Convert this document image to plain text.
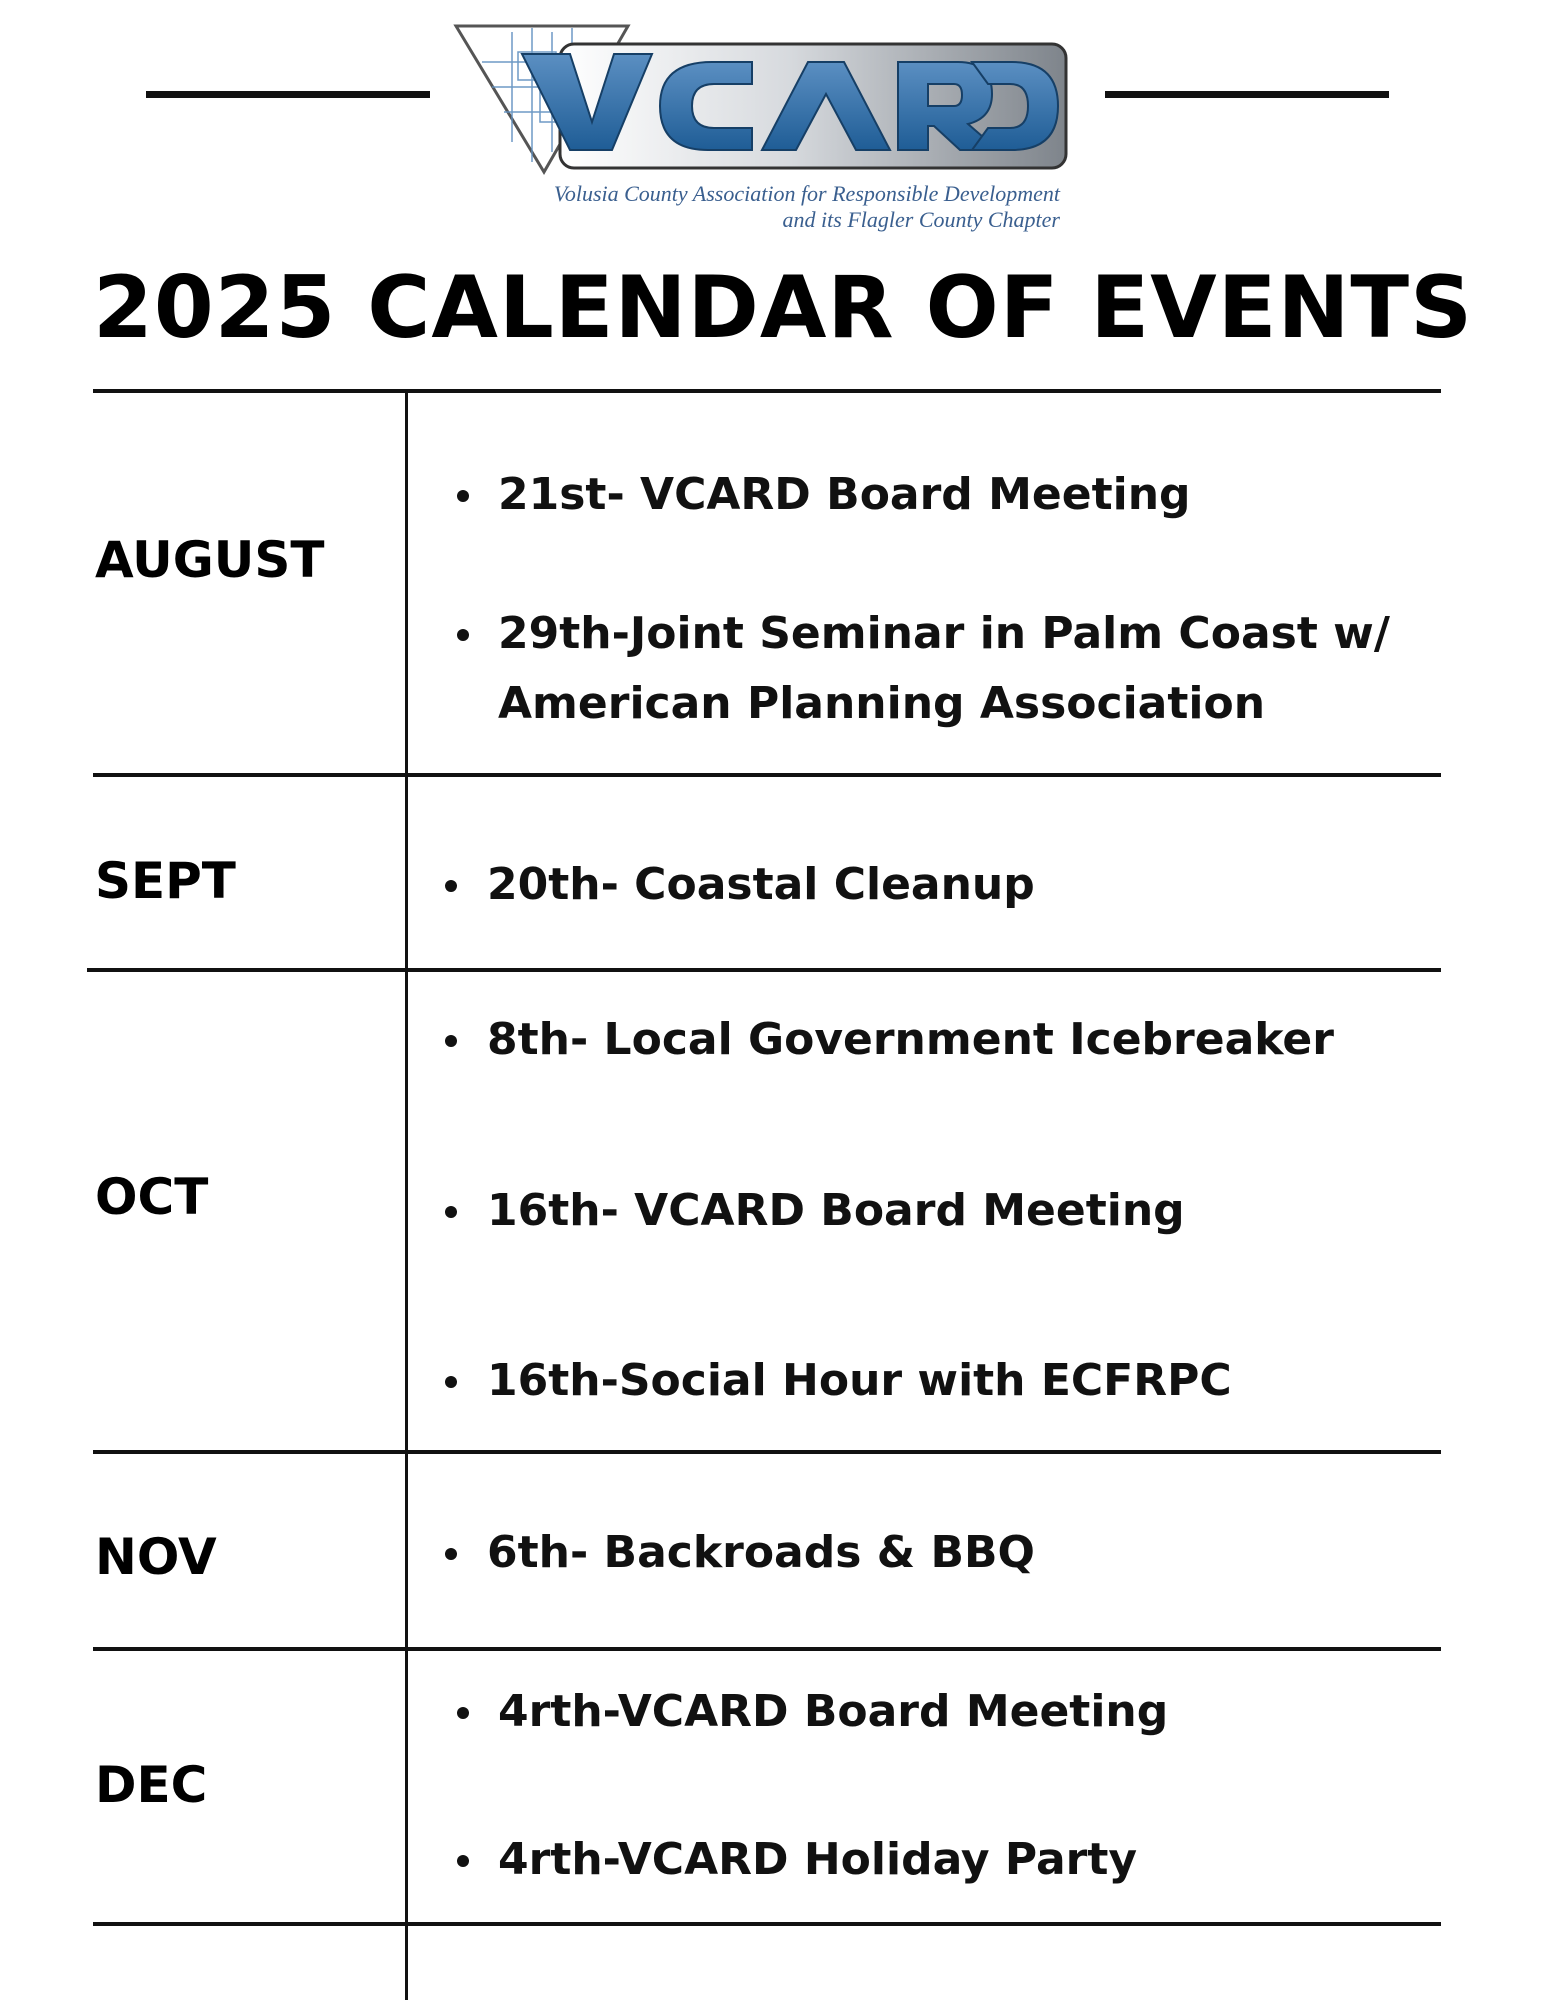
Volusia County Association for Responsible Development
and its Flagler County Chapter
2025 CALENDAR OF EVENTS
AUGUST
21st- VCARD Board Meeting
29th-Joint Seminar in Palm Coast w/
American Planning Association
SEPT	20th- Coastal Cleanup
OCT
8th- Local Government Icebreaker
16th- VCARD Board Meeting
16th-Social Hour with ECFRPC
NOV	6th- Backroads & BBQ
DEC
4rth-VCARD Board Meeting
4rth-VCARD Holiday Party
